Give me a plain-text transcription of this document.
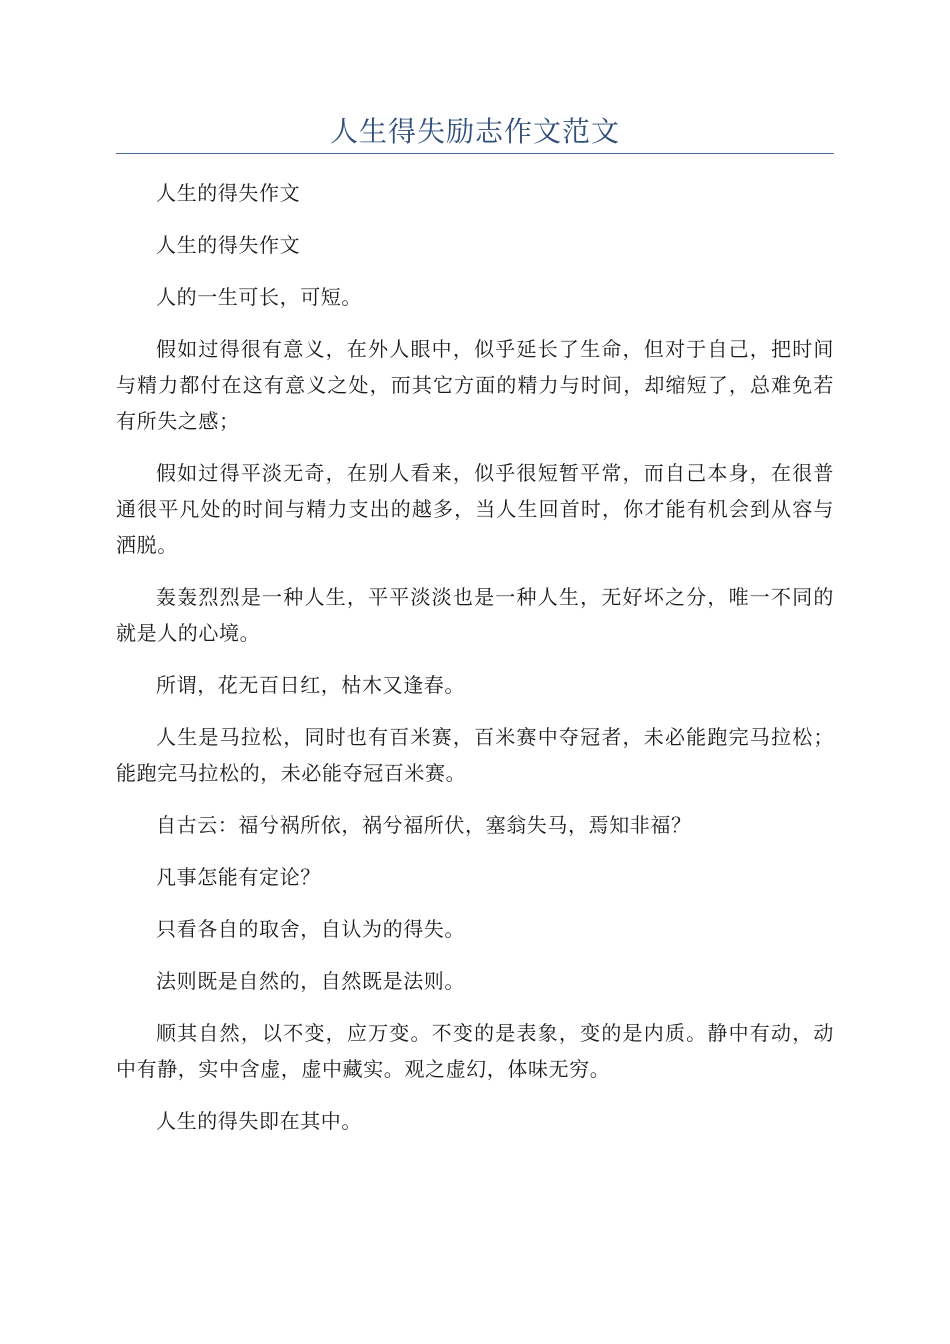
人生得失励志作文范文

人生的得失作文

人生的得失作文

人的一生可长，可短。

假如过得很有意义，在外人眼中，似乎延长了生命，但对于自己，把时间与精力都付在这有意义之处，而其它方面的精力与时间，却缩短了，总难免若有所失之感；

假如过得平淡无奇，在别人看来，似乎很短暂平常，而自己本身，在很普通很平凡处的时间与精力支出的越多，当人生回首时，你才能有机会到从容与洒脱。

轰轰烈烈是一种人生，平平淡淡也是一种人生，无好坏之分，唯一不同的就是人的心境。

所谓，花无百日红，枯木又逢春。

人生是马拉松，同时也有百米赛，百米赛中夺冠者，未必能跑完马拉松；能跑完马拉松的，未必能夺冠百米赛。

自古云：福兮祸所依，祸兮福所伏，塞翁失马，焉知非福？

凡事怎能有定论？

只看各自的取舍，自认为的得失。

法则既是自然的，自然既是法则。

顺其自然，以不变，应万变。不变的是表象，变的是内质。静中有动，动中有静，实中含虚，虚中藏实。观之虚幻，体味无穷。

人生的得失即在其中。
